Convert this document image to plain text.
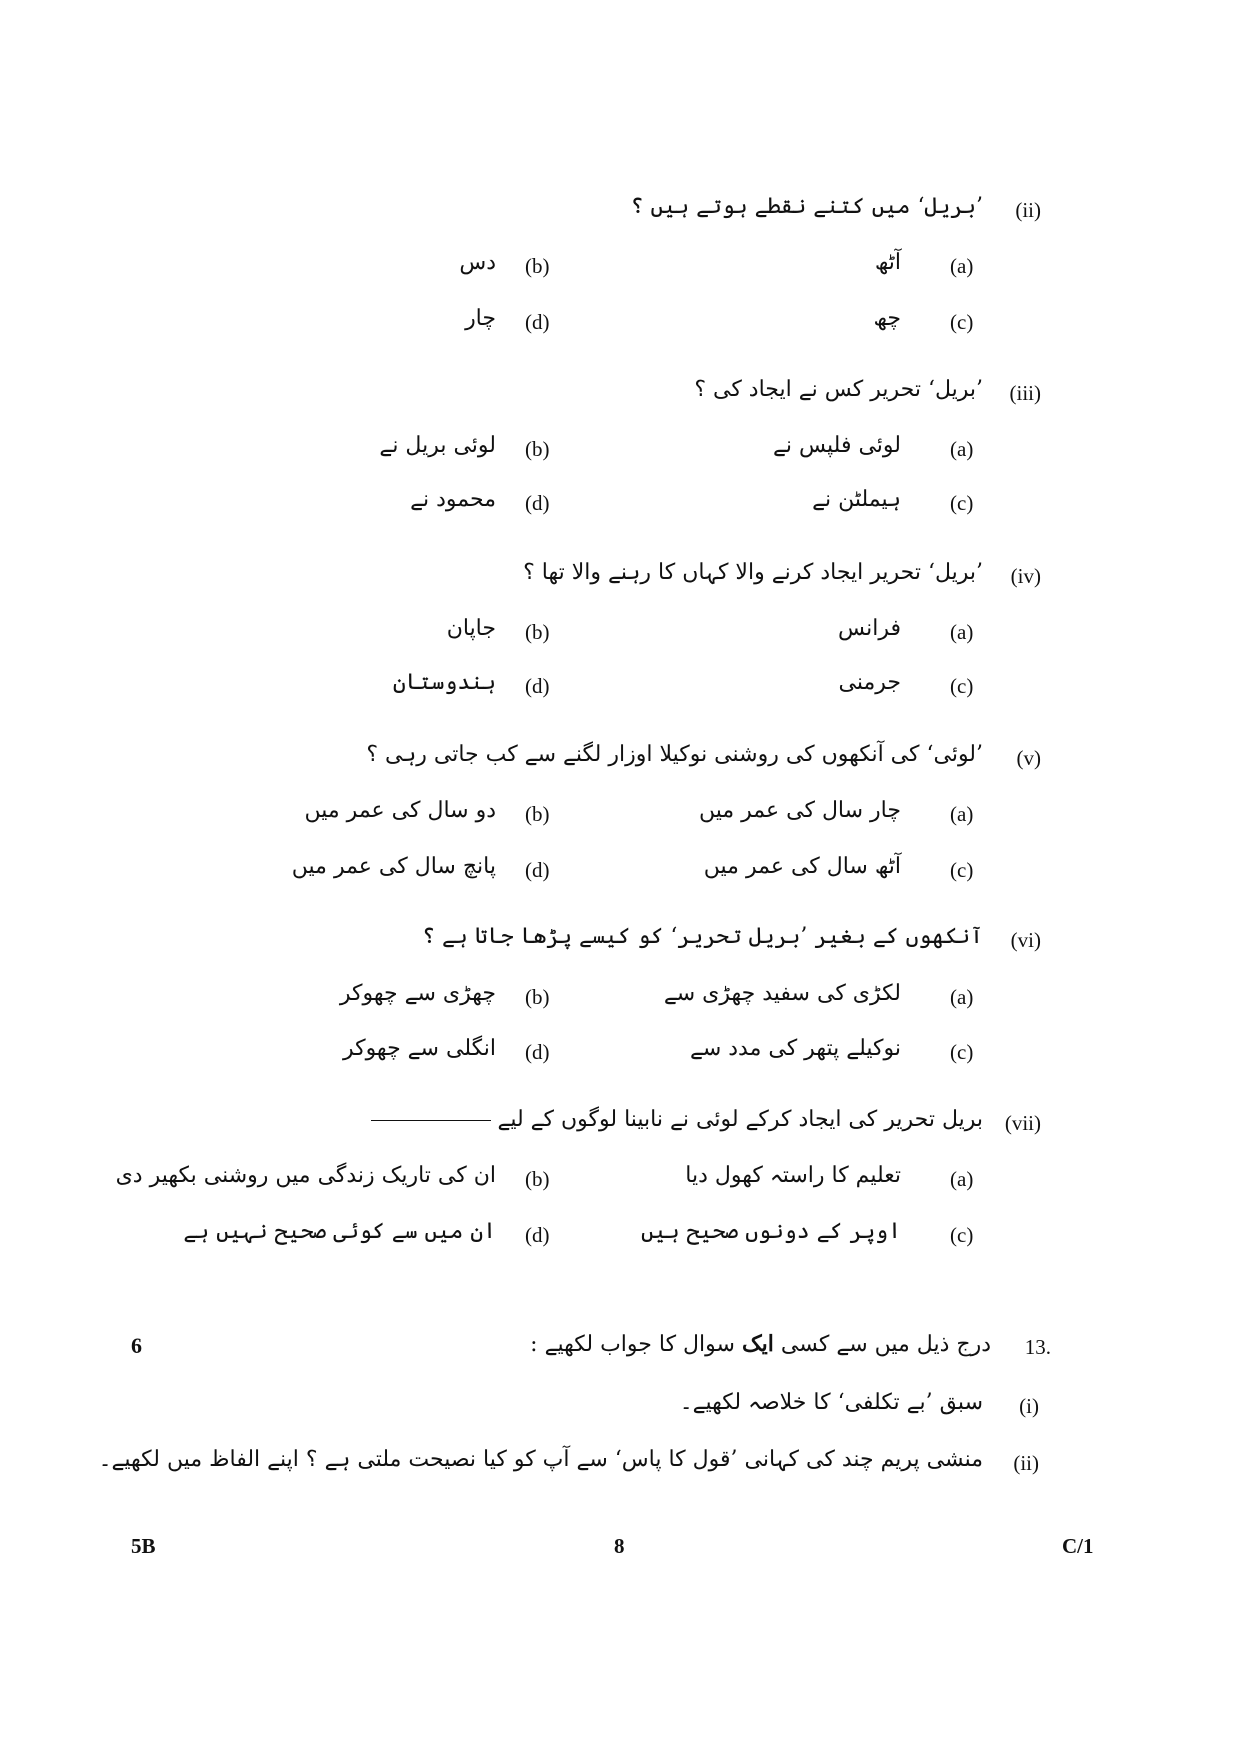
(ii)
’بریل‘ میں کتنے نقطے ہوتے ہیں ؟
(a)
آٹھ
(b)
دس
(c)
چھ
(d)
چار
(iii)
’بریل‘ تحریر کس نے ایجاد کی ؟
(a)
لوئی فلپس نے
(b)
لوئی بریل نے
(c)
ہیملٹن نے
(d)
محمود نے
(iv)
’بریل‘ تحریر ایجاد کرنے والا کہاں کا رہنے والا تھا ؟
(a)
فرانس
(b)
جاپان
(c)
جرمنی
(d)
ہندوستان
(v)
’لوئی‘ کی آنکھوں کی روشنی نوکیلا اوزار لگنے سے کب جاتی رہی ؟
(a)
چار سال کی عمر میں
(b)
دو سال کی عمر میں
(c)
آٹھ سال کی عمر میں
(d)
پانچ سال کی عمر میں
(vi)
آنکھوں کے بغیر ’بریل تحریر‘ کو کیسے پڑھا جاتا ہے ؟
(a)
لکڑی کی سفید چھڑی سے
(b)
چھڑی سے چھوکر
(c)
نوکیلے پتھر کی مدد سے
(d)
انگلی سے چھوکر
(vii)
بریل تحریر کی ایجاد کرکے لوئی نے نابینا لوگوں کے لیے
(a)
تعلیم کا راستہ کھول دیا
(b)
ان کی تاریک زندگی میں روشنی بکھیر دی
(c)
اوپر کے دونوں صحیح ہیں
(d)
ان میں سے کوئی صحیح نہیں ہے
13.
درج ذیل میں سے کسی ایک سوال کا جواب لکھیے :
6
(i)
سبق ’بے تکلفی‘ کا خلاصہ لکھیے۔
(ii)
منشی پریم چند کی کہانی ’قول کا پاس‘ سے آپ کو کیا نصیحت ملتی ہے ؟ اپنے الفاظ میں لکھیے۔
5B	8	C/1
